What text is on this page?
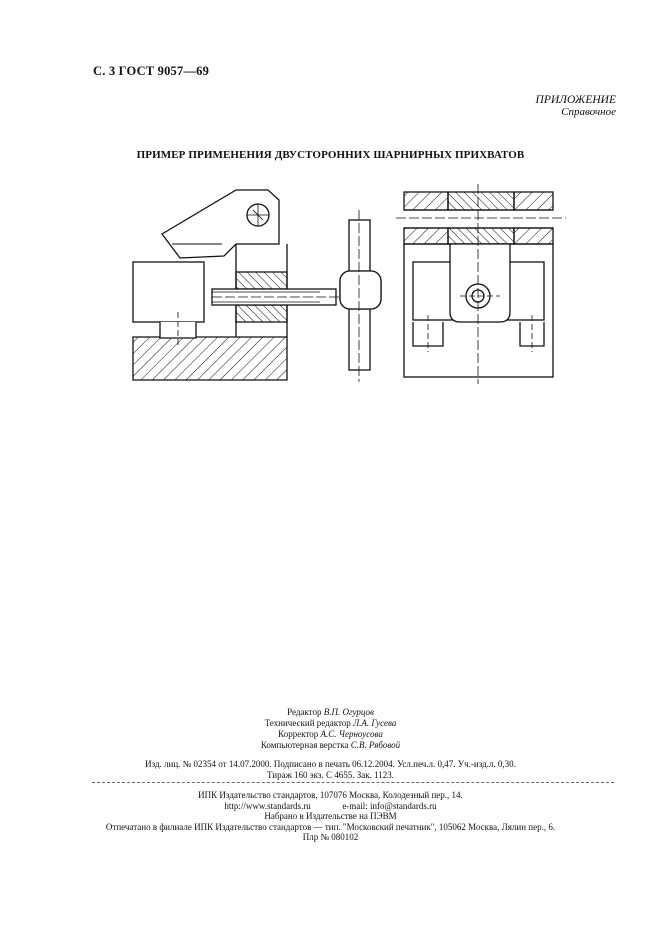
С. 3 ГОСТ 9057—69
ПРИЛОЖЕНИЕ
Справочное
ПРИМЕР ПРИМЕНЕНИЯ ДВУСТОРОННИХ ШАРНИРНЫХ ПРИХВАТОВ
Редактор В.П. Огурцов
Технический редактор Л.А. Гусева
Корректор А.С. Черноусова
Компьютерная верстка С.В. Рябовой
Изд. лиц. № 02354 от 14.07.2000. Подписано в печать 06.12.2004. Усл.печ.л. 0,47. Уч.-изд.л. 0,30.
Тираж 160 экз. С 4655. Зак. 1123.
ИПК Издательство стандартов, 107076 Москва, Колодезный пер., 14.
http://www.standards.ru	e-mail: info@standards.ru
Набрано в Издательстве на ПЭВМ
Отпечатано в филиале ИПК Издательство стандартов — тип. "Московский печатник", 105062 Москва, Лялин пер., 6.
Плр № 080102
